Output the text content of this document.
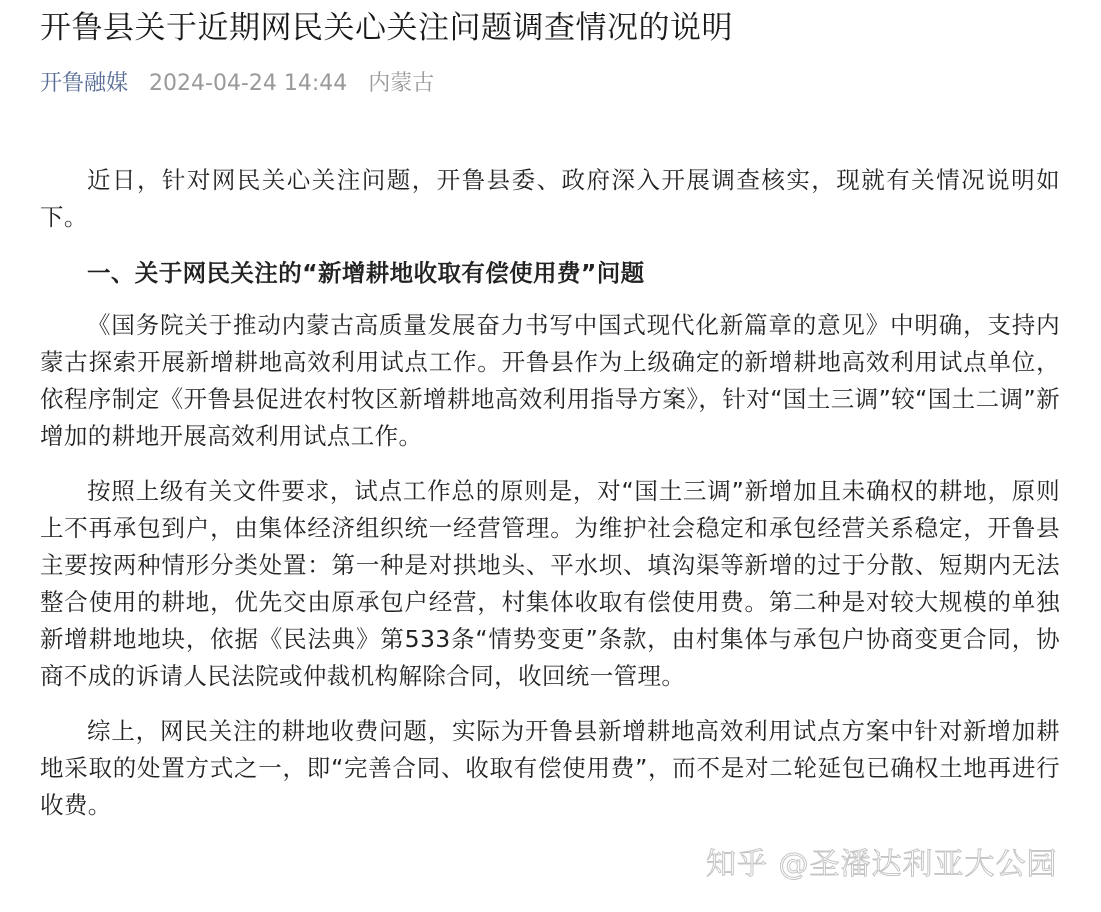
开鲁县关于近期网民关心关注问题调查情况的说明
开鲁融媒 2024-04-24 14:44 内蒙古

近日，针对网民关心关注问题，开鲁县委、政府深入开展调查核实，现就有关情况说明如下。

一、关于网民关注的“新增耕地收取有偿使用费”问题

《国务院关于推动内蒙古高质量发展奋力书写中国式现代化新篇章的意见》中明确，支持内蒙古探索开展新增耕地高效利用试点工作。开鲁县作为上级确定的新增耕地高效利用试点单位，依程序制定《开鲁县促进农村牧区新增耕地高效利用指导方案》，针对“国土三调”较“国土二调”新增加的耕地开展高效利用试点工作。

按照上级有关文件要求，试点工作总的原则是，对“国土三调”新增加且未确权的耕地，原则上不再承包到户，由集体经济组织统一经营管理。为维护社会稳定和承包经营关系稳定，开鲁县主要按两种情形分类处置：第一种是对拱地头、平水坝、填沟渠等新增的过于分散、短期内无法整合使用的耕地，优先交由原承包户经营，村集体收取有偿使用费。第二种是对较大规模的单独新增耕地地块，依据《民法典》第533条“情势变更”条款，由村集体与承包户协商变更合同，协商不成的诉请人民法院或仲裁机构解除合同，收回统一管理。

综上，网民关注的耕地收费问题，实际为开鲁县新增耕地高效利用试点方案中针对新增加耕地采取的处置方式之一，即“完善合同、收取有偿使用费”，而不是对二轮延包已确权土地再进行收费。

知乎 @圣潘达利亚大公园
